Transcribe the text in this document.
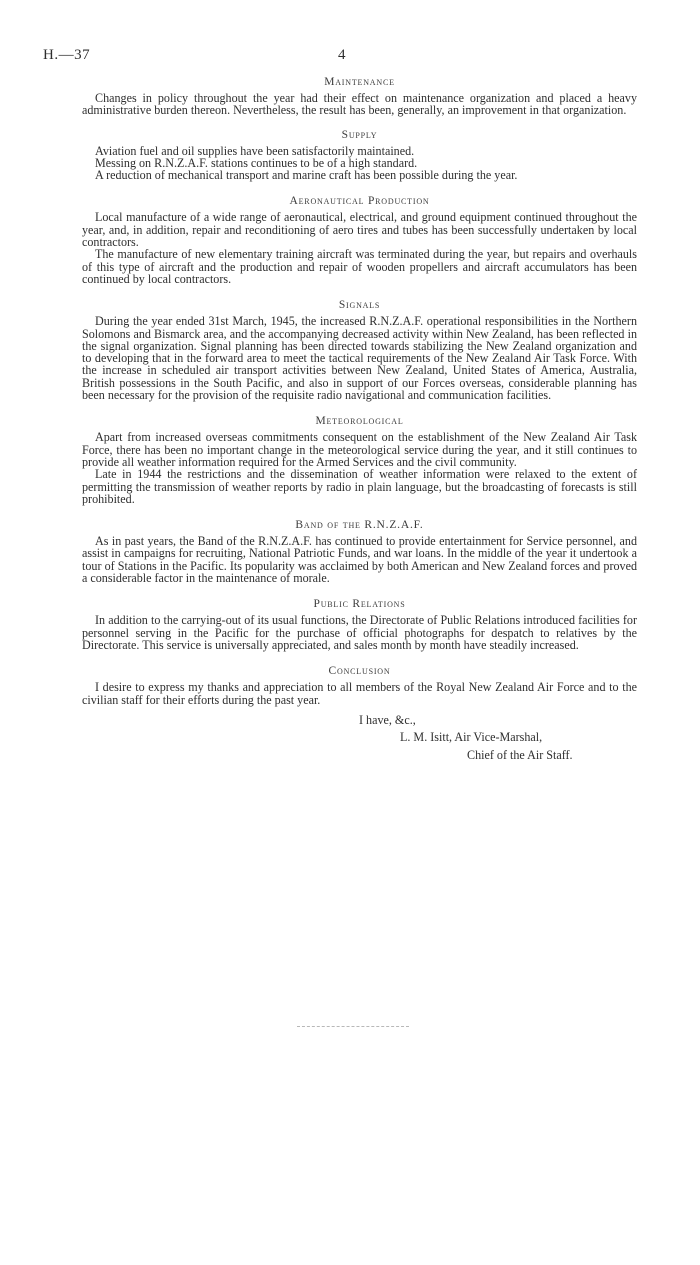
H.—37	4
Maintenance

Changes in policy throughout the year had their effect on maintenance organization and placed a heavy administrative burden thereon. Nevertheless, the result has been, generally, an improvement in that organization.

Supply

Aviation fuel and oil supplies have been satisfactorily maintained.

Messing on R.N.Z.A.F. stations continues to be of a high standard.

A reduction of mechanical transport and marine craft has been possible during the year.

Aeronautical Production

Local manufacture of a wide range of aeronautical, electrical, and ground equipment continued throughout the year, and, in addition, repair and reconditioning of aero tires and tubes has been successfully undertaken by local contractors.

The manufacture of new elementary training aircraft was terminated during the year, but repairs and overhauls of this type of aircraft and the production and repair of wooden propellers and aircraft accumulators has been continued by local contractors.

Signals

During the year ended 31st March, 1945, the increased R.N.Z.A.F. operational responsibilities in the Northern Solomons and Bismarck area, and the accompanying decreased activity within New Zealand, has been reflected in the signal organization. Signal planning has been directed towards stabilizing the New Zealand organization and to developing that in the forward area to meet the tactical requirements of the New Zealand Air Task Force. With the increase in scheduled air transport activities between New Zealand, United States of America, Australia, British possessions in the South Pacific, and also in support of our Forces overseas, considerable planning has been necessary for the provision of the requisite radio navigational and communication facilities.

Meteorological

Apart from increased overseas commitments consequent on the establishment of the New Zealand Air Task Force, there has been no important change in the meteorological service during the year, and it still continues to provide all weather information required for the Armed Services and the civil community.

Late in 1944 the restrictions and the dissemination of weather information were relaxed to the extent of permitting the transmission of weather reports by radio in plain language, but the broadcasting of forecasts is still prohibited.

Band of the R.N.Z.A.F.

As in past years, the Band of the R.N.Z.A.F. has continued to provide entertainment for Service personnel, and assist in campaigns for recruiting, National Patriotic Funds, and war loans. In the middle of the year it undertook a tour of Stations in the Pacific. Its popularity was acclaimed by both American and New Zealand forces and proved a considerable factor in the maintenance of morale.

Public Relations

In addition to the carrying-out of its usual functions, the Directorate of Public Relations introduced facilities for personnel serving in the Pacific for the purchase of official photographs for despatch to relatives by the Directorate. This service is universally appreciated, and sales month by month have steadily increased.

Conclusion

I desire to express my thanks and appreciation to all members of the Royal New Zealand Air Force and to the civilian staff for their efforts during the past year.

I have, &c.,
L. M. Isitt, Air Vice-Marshal,
Chief of the Air Staff.
